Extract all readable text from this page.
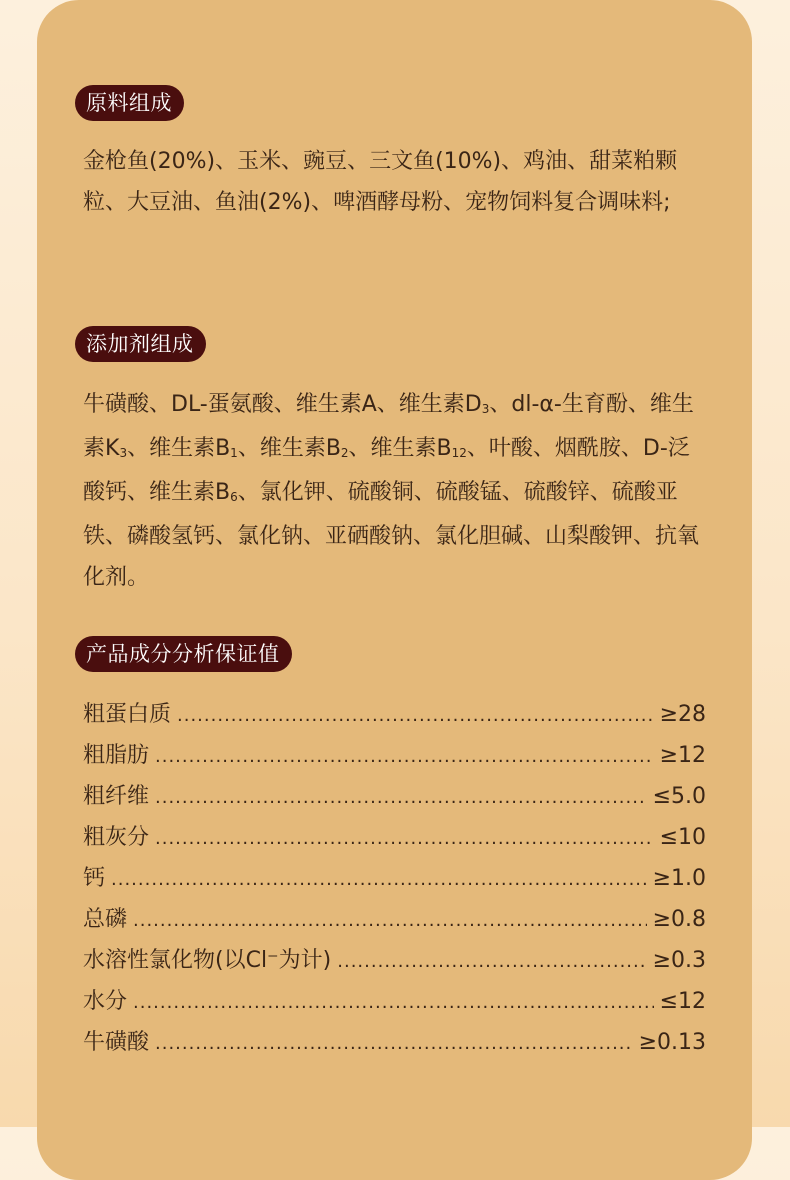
原料组成

金枪鱼(20%)、玉米、豌豆、三文鱼(10%)、鸡油、甜菜粕颗粒、大豆油、鱼油(2%)、啤酒酵母粉、宠物饲料复合调味料;

添加剂组成

牛磺酸、DL-蛋氨酸、维生素A、维生素D3、dl-α-生育酚、维生素K3、维生素B1、维生素B2、维生素B12、叶酸、烟酰胺、D-泛酸钙、维生素B6、氯化钾、硫酸铜、硫酸锰、硫酸锌、硫酸亚铁、磷酸氢钙、氯化钠、亚硒酸钠、氯化胆碱、山梨酸钾、抗氧化剂。

产品成分分析保证值
粗蛋白质 .....	≥28
粗脂肪 .....	≥12
粗纤维 .....	≤5.0
粗灰分 .....	≤10
钙 .....	≥1.0
总磷 .....	≥0.8
水溶性氯化物(以Cl⁻为计) .....	≥0.3
水分 .....	≤12
牛磺酸 .....	≥0.13
